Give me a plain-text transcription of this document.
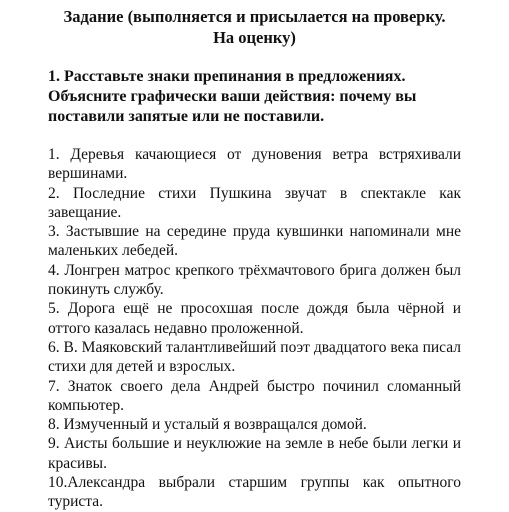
Задание (выполняется и присылается на проверку. На оценку)

1. Расставьте знаки препинания в предложениях. Объясните графически ваши действия: почему вы поставили запятые или не поставили.

1. Деревья качающиеся от дуновения ветра встряхивали вершинами.
2. Последние стихи Пушкина звучат в спектакле как завещание.
3. Застывшие на середине пруда кувшинки напоминали мне маленьких лебедей.
4. Лонгрен матрос крепкого трёхмачтового брига должен был покинуть службу.
5. Дорога ещё не просохшая после дождя была чёрной и оттого казалась недавно проложенной.
6. В. Маяковский талантливейший поэт двадцатого века писал стихи для детей и взрослых.
7. Знаток своего дела Андрей быстро починил сломанный компьютер.
8. Измученный и усталый я возвращался домой.
9. Аисты большие и неуклюжие на земле в небе были легки и красивы.
10.Александра выбрали старшим группы как опытного туриста.
